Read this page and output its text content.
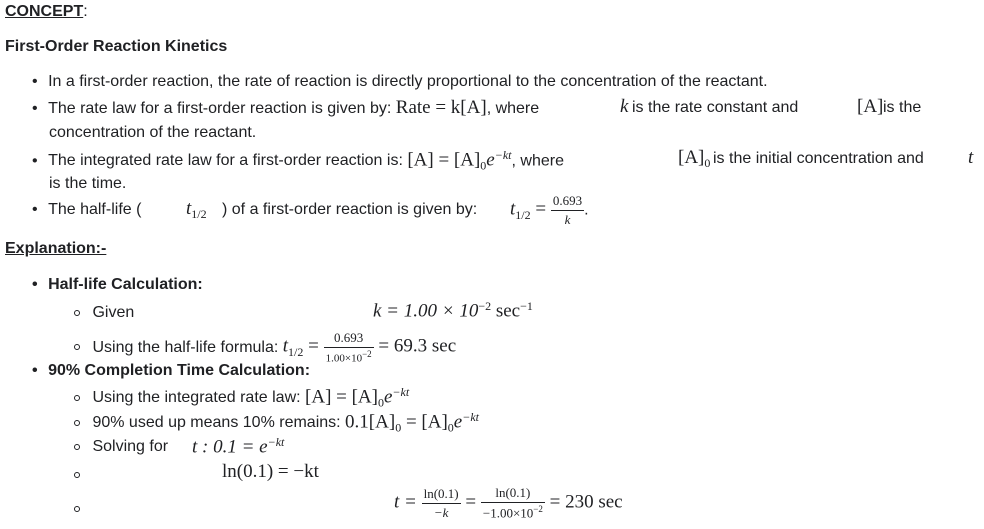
CONCEPT:
First-Order Reaction Kinetics
• In a first-order reaction, the rate of reaction is directly proportional to the concentration of the reactant.
• The rate law for a first-order reaction is given by: Rate = k[A], where	k is the rate constant and	[A] is the
concentration of the reactant.
• The integrated rate law for a first-order reaction is: $[A] = [A]_0e^{-kt}$, where	$[A]_0$ is the initial concentration and t
is the time.
• The half-life ( $t_{1/2}$ ) of a first-order reaction is given by: $t_{1/2} = \frac{0.693}{k}$ .
Explanation:-
• Half-life Calculation:
Given	$k = 1.00 \times 10^{-2}$ $\sec^{-1}$
Using the half-life formula: $t_{1/2} = \frac{0.693}{1.00\times 10^{-2}} = 69.3$ sec
• 90% Completion Time Calculation:
Using the integrated rate law: $[A] = [A]_0e^{-kt}$
90% used up means 10% remains: $0.1[A]_0 = [A]_0e^{-kt}$
Solving for t : $0.1 = e^{-kt}$
ln(0.1) = −kt
$t = \frac{\ln(0.1)}{-k} = \frac{\ln(0.1)}{-1.00\times 10^{-2}} = 230$ sec
